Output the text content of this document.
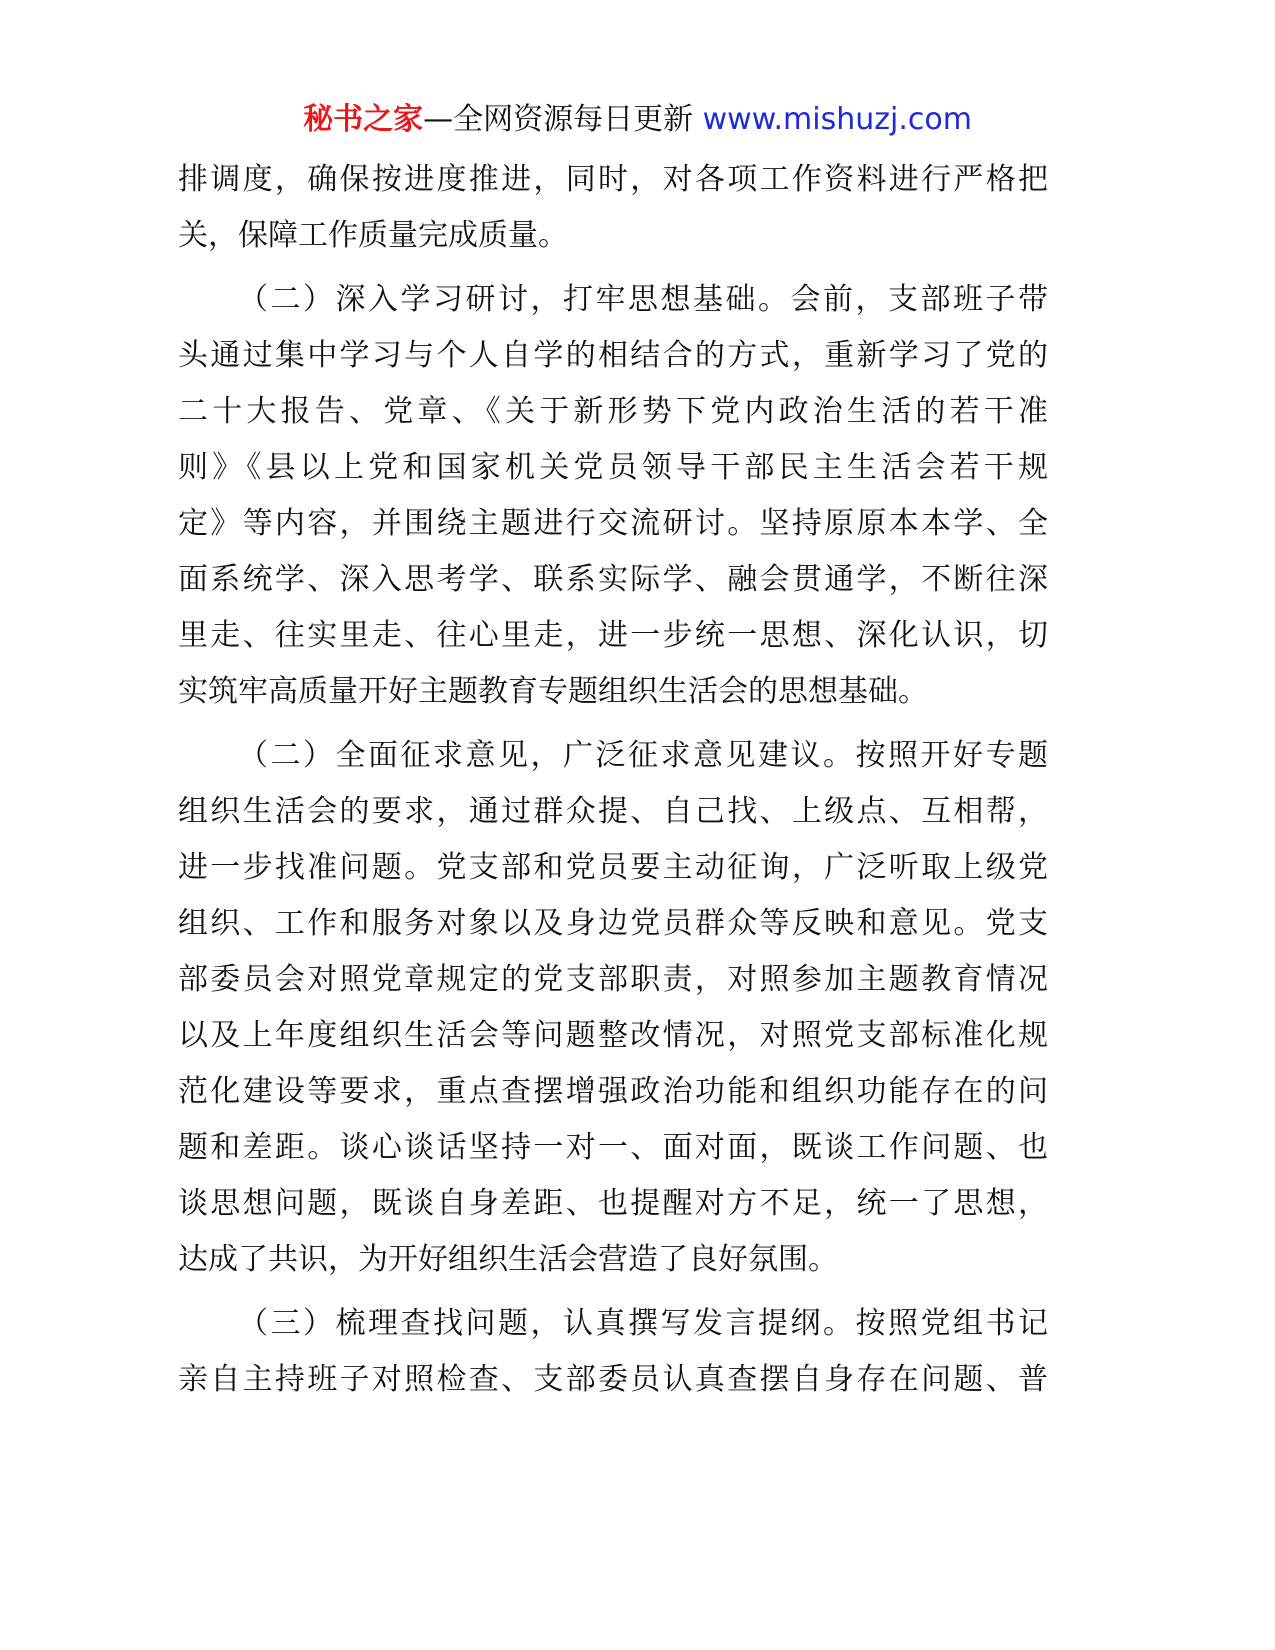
秘书之家—全网资源每日更新 www.mishuzj.com
排调度，确保按进度推进，同时，对各项工作资料进行严格把
关，保障工作质量完成质量。
（二）深入学习研讨，打牢思想基础。会前，支部班子带
头通过集中学习与个人自学的相结合的方式，重新学习了党的
二十大报告、党章、《关于新形势下党内政治生活的若干准
则》《县以上党和国家机关党员领导干部民主生活会若干规
定》等内容，并围绕主题进行交流研讨。坚持原原本本学、全
面系统学、深入思考学、联系实际学、融会贯通学，不断往深
里走、往实里走、往心里走，进一步统一思想、深化认识，切
实筑牢高质量开好主题教育专题组织生活会的思想基础。
（二）全面征求意见，广泛征求意见建议。按照开好专题
组织生活会的要求，通过群众提、自己找、上级点、互相帮，
进一步找准问题。党支部和党员要主动征询，广泛听取上级党
组织、工作和服务对象以及身边党员群众等反映和意见。党支
部委员会对照党章规定的党支部职责，对照参加主题教育情况
以及上年度组织生活会等问题整改情况，对照党支部标准化规
范化建设等要求，重点查摆增强政治功能和组织功能存在的问
题和差距。谈心谈话坚持一对一、面对面，既谈工作问题、也
谈思想问题，既谈自身差距、也提醒对方不足，统一了思想，
达成了共识，为开好组织生活会营造了良好氛围。
（三）梳理查找问题，认真撰写发言提纲。按照党组书记
亲自主持班子对照检查、支部委员认真查摆自身存在问题、普
